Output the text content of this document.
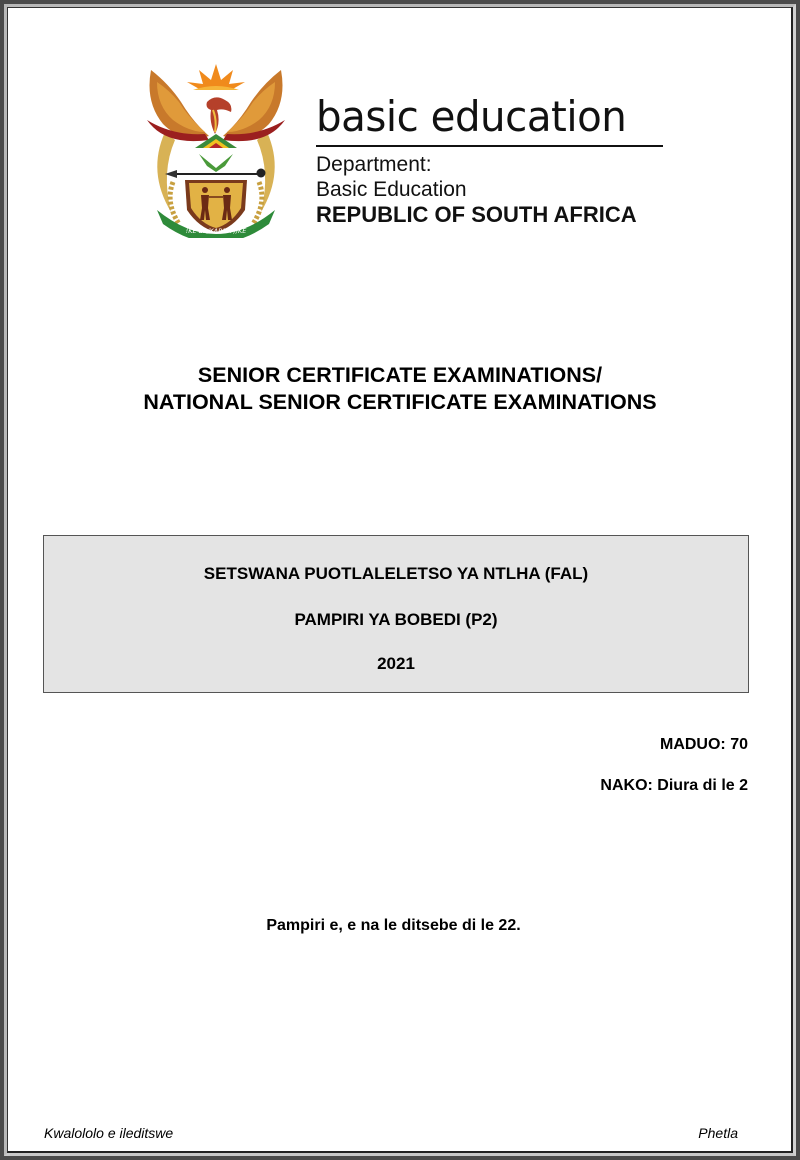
!KE E: /XARRA //KE
basic education
Department:
Basic Education
REPUBLIC OF SOUTH AFRICA
SENIOR CERTIFICATE EXAMINATIONS/
NATIONAL SENIOR CERTIFICATE EXAMINATIONS
SETSWANA PUOTLALELETSO YA NTLHA (FAL)
PAMPIRI YA BOBEDI (P2)
2021
MADUO: 70
NAKO: Diura di le 2
Pampiri e, e na le ditsebe di le 22.
Kwalololo e ileditswe	Phetla
